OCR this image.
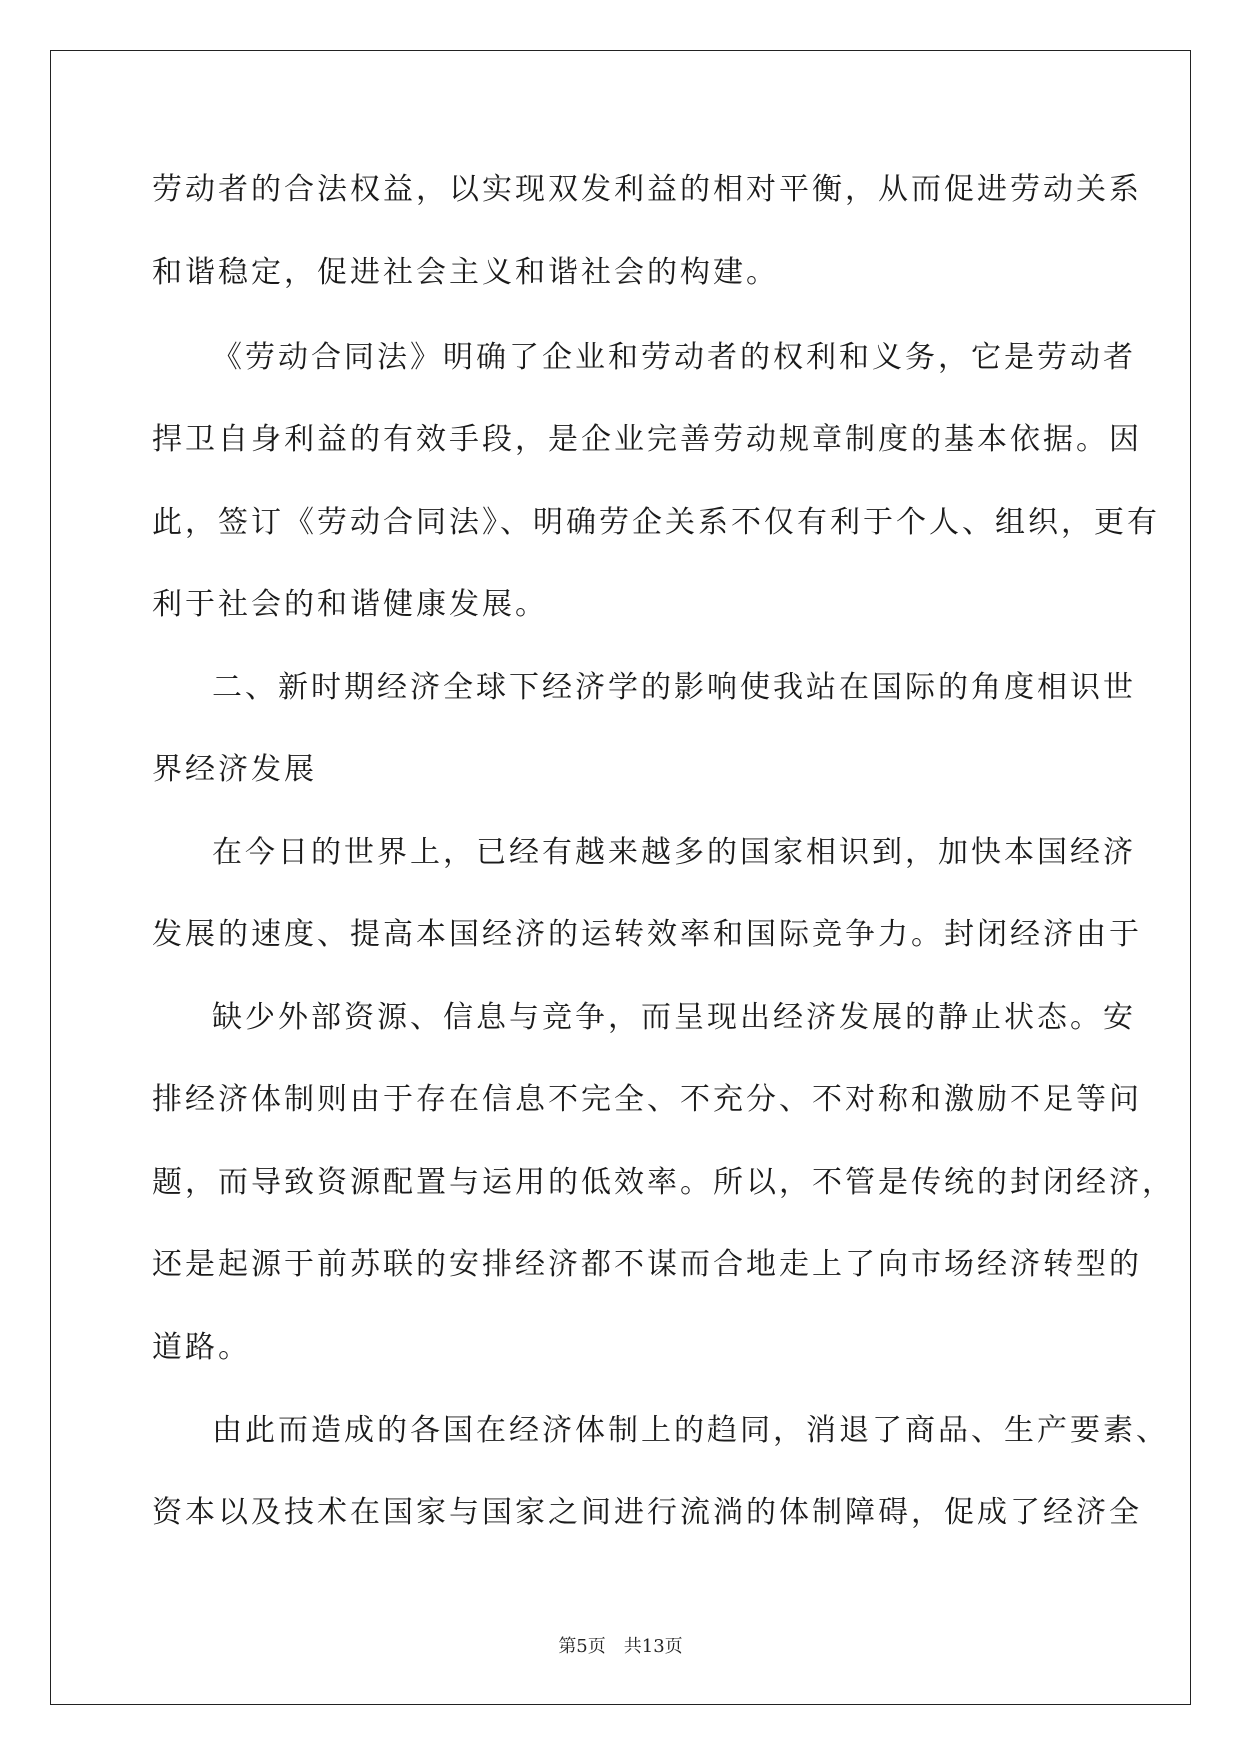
劳动者的合法权益，以实现双发利益的相对平衡，从而促进劳动关系
和谐稳定，促进社会主义和谐社会的构建。
《劳动合同法》明确了企业和劳动者的权利和义务，它是劳动者
捍卫自身利益的有效手段，是企业完善劳动规章制度的基本依据。因
此，签订《劳动合同法》、明确劳企关系不仅有利于个人、组织，更有
利于社会的和谐健康发展。
二、新时期经济全球下经济学的影响使我站在国际的角度相识世
界经济发展
在今日的世界上，已经有越来越多的国家相识到，加快本国经济
发展的速度、提高本国经济的运转效率和国际竞争力。封闭经济由于
缺少外部资源、信息与竞争，而呈现出经济发展的静止状态。安
排经济体制则由于存在信息不完全、不充分、不对称和激励不足等问
题，而导致资源配置与运用的低效率。所以，不管是传统的封闭经济，
还是起源于前苏联的安排经济都不谋而合地走上了向市场经济转型的
道路。
由此而造成的各国在经济体制上的趋同，消退了商品、生产要素、
资本以及技术在国家与国家之间进行流淌的体制障碍，促成了经济全
第5页　共13页
